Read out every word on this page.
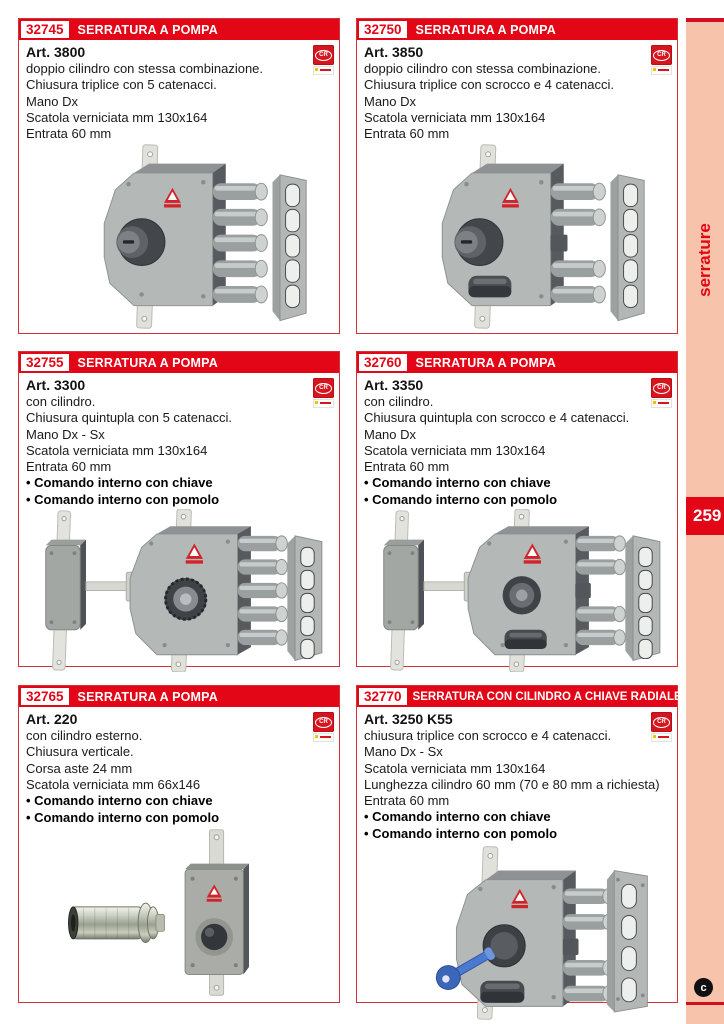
32745	SERRATURA A POMPA
CR
Art. 3800
doppio cilindro con stessa combinazione.
Chiusura triplice con 5 catenacci.
Mano Dx
Scatola verniciata mm 130x164
Entrata 60 mm
32750	SERRATURA A POMPA
CR
Art. 3850
doppio cilindro con stessa combinazione.
Chiusura triplice con scrocco e 4 catenacci.
Mano Dx
Scatola verniciata mm 130x164
Entrata 60 mm
32755	SERRATURA A POMPA
CR
Art. 3300
con cilindro.
Chiusura quintupla con 5 catenacci.
Mano Dx - Sx
Scatola verniciata mm 130x164
Entrata 60 mm
• Comando interno con chiave
• Comando interno con pomolo
32760	SERRATURA A POMPA
CR
Art. 3350
con cilindro.
Chiusura quintupla con scrocco e 4 catenacci.
Mano Dx
Scatola verniciata mm 130x164
Entrata 60 mm
• Comando interno con chiave
• Comando interno con pomolo
32765	SERRATURA A POMPA
CR
Art. 220
con cilindro esterno.
Chiusura verticale.
Corsa aste 24 mm
Scatola verniciata mm 66x146
• Comando interno con chiave
• Comando interno con pomolo
32770 SERRATURA CON CILINDRO A CHIAVE RADIALE
CR
Art. 3250 K55
chiusura triplice con scrocco e 4 catenacci.
Mano Dx - Sx
Scatola verniciata mm 130x164
Lunghezza cilindro 60 mm (70 e 80 mm a richiesta)
Entrata 60 mm
• Comando interno con chiave
• Comando interno con pomolo
serrature
259
c
